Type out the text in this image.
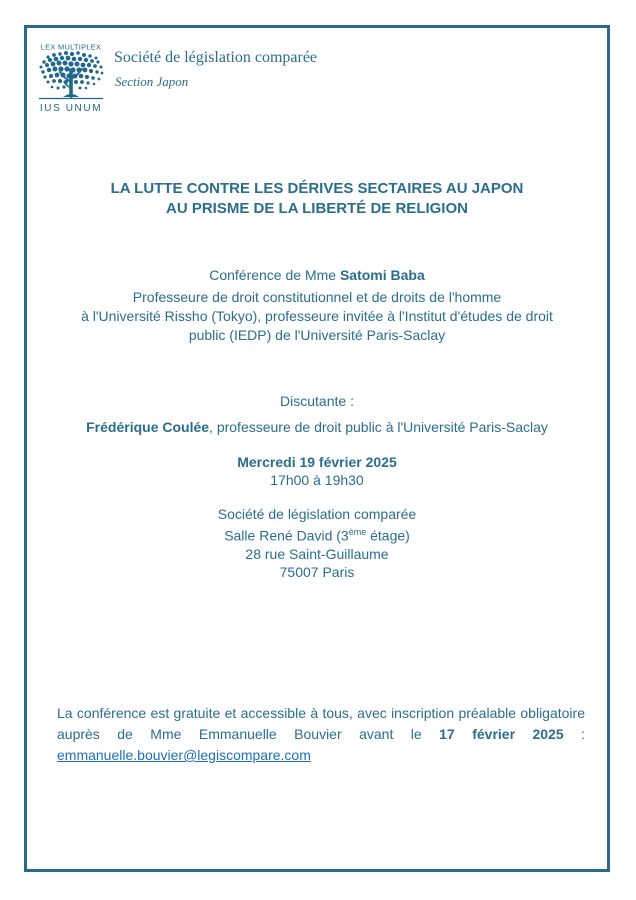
LEX MULTIPLEX
IUS UNUM
Société de législation comparée
Section Japon
LA LUTTE CONTRE LES DÉRIVES SECTAIRES AU JAPON
AU PRISME DE LA LIBERTÉ DE RELIGION
Conférence de Mme Satomi Baba
Professeure de droit constitutionnel et de droits de l'homme
à l'Université Rissho (Tokyo), professeure invitée à l'Institut d'études de droit
public (IEDP) de l'Université Paris-Saclay
Discutante :
Frédérique Coulée, professeure de droit public à l'Université Paris-Saclay
Mercredi 19 février 2025
17h00 à 19h30
Société de législation comparée
Salle René David (3ème étage)
28 rue Saint-Guillaume
75007 Paris

La conférence est gratuite et accessible à tous, avec inscription préalable obligatoire auprès de Mme Emmanuelle Bouvier avant le 17 février 2025 : emmanuelle.bouvier@legiscompare.com
